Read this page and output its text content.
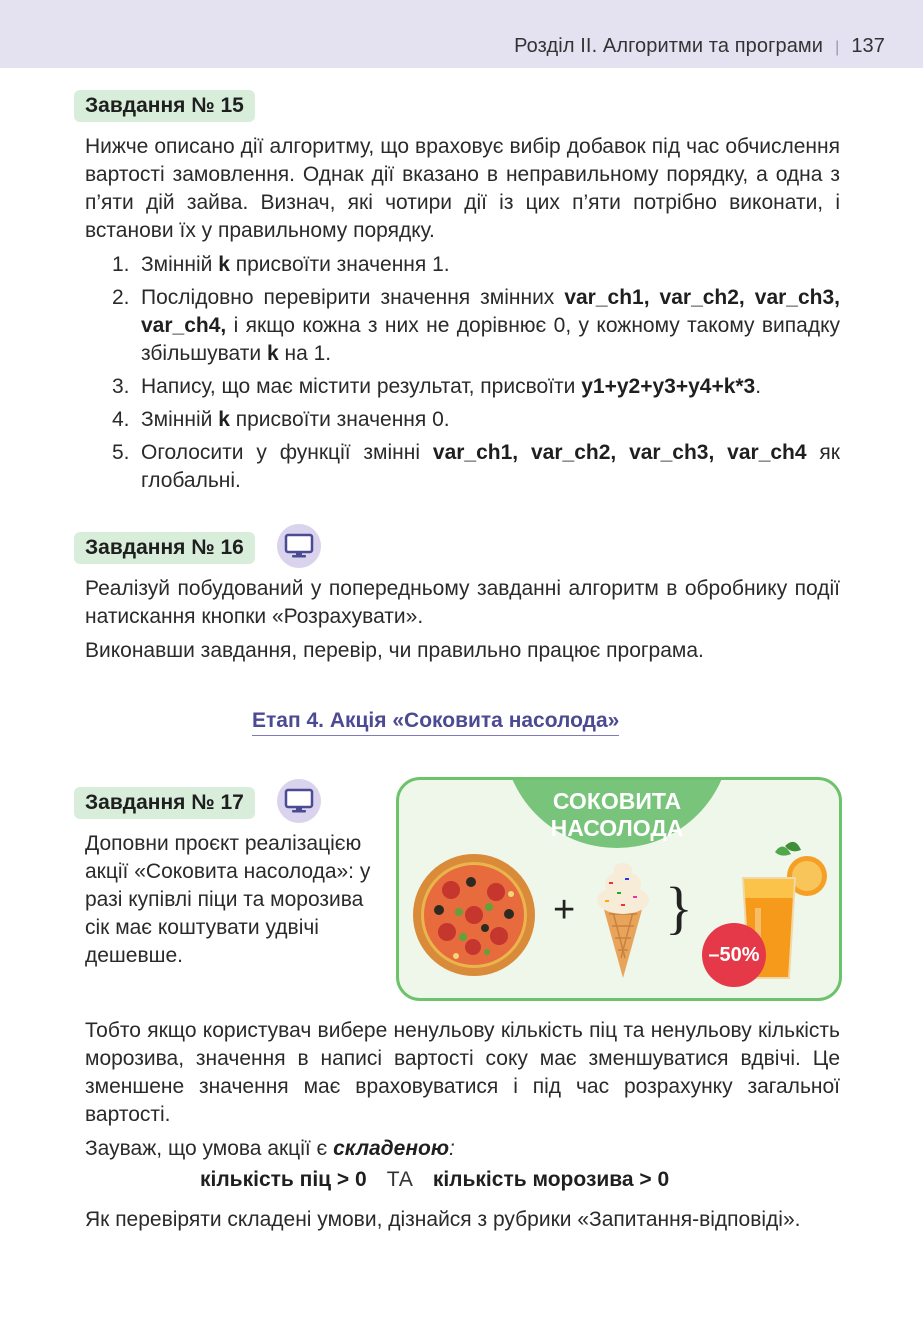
Розділ ІІ. Алгоритми та програми | 137
Завдання № 15
Нижче описано дії алгоритму, що враховує вибір добавок під час обчислення вартості замовлення. Однак дії вказано в неправильному порядку, а одна з п’яти дій зайва. Визнач, які чотири дії із цих п’яти потрібно виконати, і встанови їх у правильному порядку.
1. Змінній k присвоїти значення 1.
2. Послідовно перевірити значення змінних var_ch1, var_ch2, var_ch3, var_ch4, і якщо кожна з них не дорівнює 0, у кожному такому випадку збільшувати k на 1.
3. Напису, що має містити результат, присвоїти y1+y2+y3+y4+k*3.
4. Змінній k присвоїти значення 0.
5. Оголосити у функції змінні var_ch1, var_ch2, var_ch3, var_ch4 як глобальні.
Завдання № 16
Реалізуй побудований у попередньому завданні алгоритм в обробнику події натискання кнопки «Розрахувати».
Виконавши завдання, перевір, чи правильно працює програма.
Етап 4. Акція «Соковита насолода»
Завдання № 17
Доповни проєкт реалізацією акції «Соковита насолода»: у разі купівлі піци та морозива сік має коштувати удвічі дешевше.
СОКОВИТА
НАСОЛОДА
+ }
–50%
Тобто якщо користувач вибере ненульову кількість піц та ненульову кількість морозива, значення в написі вартості соку має зменшуватися вдвічі. Це зменшене значення має враховуватися і під час розрахунку загальної вартості.
Зауваж, що умова акції є складеною:
кількість піц > 0 ТА кількість морозива > 0
Як перевіряти складені умови, дізнайся з рубрики «Запитання-відповіді».
